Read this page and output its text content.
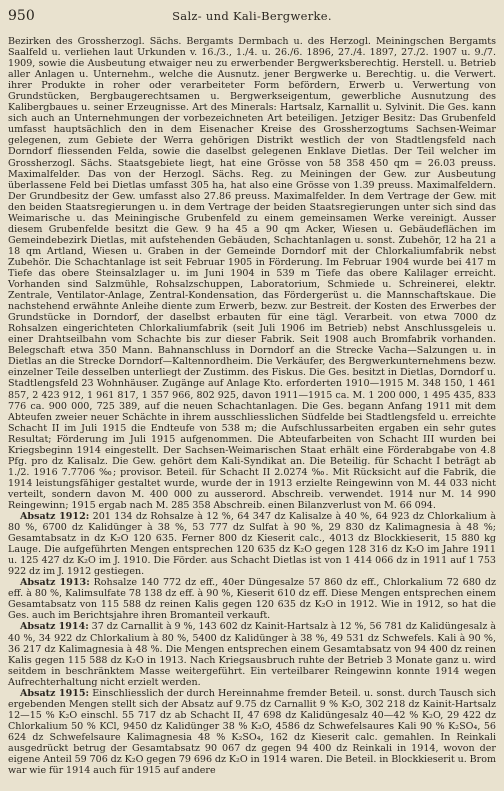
950	Salz- und Kali-Bergwerke.

Bezirken des Grossherzogl. Sächs. Bergamts Dermbach u. des Herzogl. Meiningschen Bergamts Saalfeld u. verliehen laut Urkunden v. 16./3., 1./4. u. 26./6. 1896, 27./4. 1897, 27./2. 1907 u. 9./7. 1909, sowie die Ausbeutung etwaiger neu zu erwerbender Bergwerksberechtig. Herstell. u. Betrieb aller Anlagen u. Unternehm., welche die Ausnutz. jener Bergwerke u. Berechtig. u. die Verwert. ihrer Produkte in roher oder verarbeiteter Form befördern, Erwerb u. Verwertung von Grundstücken, Bergbaugerechtsamen u. Bergwerkseigentum, gewerbliche Ausnutzung des Kalibergbaues u. seiner Erzeugnisse. Art des Minerals: Hartsalz, Karnallit u. Sylvinit. Die Ges. kann sich auch an Unternehmungen der vorbezeichneten Art beteiligen. Jetziger Besitz: Das Grubenfeld umfasst hauptsächlich den in dem Eisenacher Kreise des Grossherzogtums Sachsen-Weimar gelegenen, zum Gebiete der Werra gehörigen Distrikt westlich der von Stadtlengsfeld nach Dorndorf fliessenden Felda, sowie die daselbst gelegenen Enklave Dietlas. Der Teil welcher im Grossherzogl. Sächs. Staatsgebiete liegt, hat eine Grösse von 58 358 450 qm = 26.03 preuss. Maximalfelder. Das von der Herzogl. Sächs. Reg. zu Meiningen der Gew. zur Ausbeutung überlassene Feld bei Dietlas umfasst 305 ha, hat also eine Grösse von 1.39 preuss. Maximalfeldern. Der Grundbesitz der Gew. umfasst also 27.86 preuss. Maximalfelder. In dem Vertrage der Gew. mit den beiden Staatsregierungen u. in dem Vertrage der beiden Staatsregierungen unter sich sind das Weimarische u. das Meiningische Grubenfeld zu einem gemeinsamen Werke vereinigt. Ausser diesem Grubenfelde besitzt die Gew. 9 ha 45 a 90 qm Acker, Wiesen u. Gebäudeflächen im Gemeindebezirk Dietlas, mit aufstehenden Gebäuden, Schachtanlagen u. sonst. Zubehör, 12 ha 21 a 18 qm Artland, Wiesen u. Graben in der Gemeinde Dorndorf mit der Chlorkaliumfabrik nebst Zubehör. Die Schachtanlage ist seit Februar 1905 in Förderung. Im Februar 1904 wurde bei 417 m Tiefe das obere Steinsalzlager u. im Juni 1904 in 539 m Tiefe das obere Kalilager erreicht. Vorhanden sind Salzmühle, Rohsalzschuppen, Laboratorium, Schmiede u. Schreinerei, elektr. Zentrale, Ventilator-Anlage, Zentral-Kondensation, das Fördergerüst u. die Mannschaftskaue. Die nachstehend erwähnte Anleihe diente zum Erwerb, bezw. zur Bestreit. der Kosten des Erwerbes der Grundstücke in Dorndorf, der daselbst erbauten für eine tägl. Verarbeit. von etwa 7000 dz Rohsalzen eingerichteten Chlorkaliumfabrik (seit Juli 1906 im Betrieb) nebst Anschlussgeleis u. einer Drahtseilbahn vom Schachte bis zur dieser Fabrik. Seit 1908 auch Bromfabrik vorhanden. Belegschaft etwa 350 Mann. Bahnanschluss in Dorndorf an die Strecke Vacha—Salzungen u. in Dietlas an die Strecke Dorndorf—Kaltennordheim. Die Verkäufer, des Bergwerkunternehmens bezw. einzelner Teile desselben unterliegt der Zustimm. des Fiskus. Die Ges. besitzt in Dietlas, Dorndorf u. Stadtlengsfeld 23 Wohnhäuser. Zugänge auf Anlage Kto. erforderten 1910—1915 M. 348 150, 1 461 857, 2 423 912, 1 961 817, 1 357 966, 802 925, davon 1911—1915 ca. M. 1 200 000, 1 495 435, 833 776 ca. 900 000, 725 389, auf die neuen Schachtanlagen. Die Ges. begann Anfang 1911 mit dem Abteufen zweier neuer Schächte in ihrem ausschliesslichen Südfelde bei Stadtlengsfeld u. erreichte Schacht II im Juli 1915 die Endteufe von 538 m; die Aufschlussarbeiten ergaben ein sehr gutes Resultat; Förderung im Juli 1915 aufgenommen. Die Abteufarbeiten von Schacht III wurden bei Kriegsbeginn 1914 eingestellt. Der Sachsen-Weimarischen Staat erhält eine Förderabgabe von 4.8 Pfg. pro dz Kalisalz. Die Gew. gehört dem Kali-Syndikat an. Die Beteilig. für Schacht I beträgt ab 1./2. 1916 7.7706 ‰; provisor. Beteil. für Schacht II 2.0274 ‰. Mit Rücksicht auf die Fabrik, die 1914 leistungsfähiger gestaltet wurde, wurde der in 1913 erzielte Reingewinn von M. 44 033 nicht verteilt, sondern davon M. 400 000 zu ausserord. Abschreib. verwendet. 1914 nur M. 14 990 Reingewinn; 1915 ergab nach M. 285 358 Abschreib. einen Bilanzverlust von M. 66 094.

Absatz 1912: 201 134 dz Rohsalze à 12 %, 64 347 dz Kalisalze à 40 %, 64 923 dz Chlorkalium à 80 %, 6700 dz Kalidünger à 38 %, 53 777 dz Sulfat à 90 %, 29 830 dz Kalimagnesia à 48 %; Gesamtabsatz in dz K₂O 120 635. Ferner 800 dz Kieserit calc., 4013 dz Blockkieserit, 15 880 kg Lauge. Die aufgeführten Mengen entsprechen 120 635 dz K₂O gegen 128 316 dz K₂O im Jahre 1911 u. 125 427 dz K₂O im J. 1910. Die Förder. aus Schacht Dietlas ist von 1 414 066 dz in 1911 auf 1 753 922 dz im J. 1912 gestiegen.

Absatz 1913: Rohsalze 140 772 dz eff., 40er Düngesalze 57 860 dz eff., Chlorkalium 72 680 dz eff. à 80 %, Kalimsulfate 78 138 dz eff. à 90 %, Kieserit 610 dz eff. Diese Mengen entsprechen einem Gesamtabsatz von 115 588 dz reinen Kalis gegen 120 635 dz K₂O in 1912. Wie in 1912, so hat die Ges. auch im Berichtsjahre ihren Bromanteil verkauft.

Absatz 1914: 37 dz Carnallit à 9 %, 143 602 dz Kainit-Hartsalz à 12 %, 56 781 dz Kalidüngesalz à 40 %, 34 922 dz Chlorkalium à 80 %, 5400 dz Kalidünger à 38 %, 49 531 dz Schwefels. Kali à 90 %, 36 217 dz Kalimagnesia à 48 %. Die Mengen entsprechen einem Gesamtabsatz von 94 400 dz reinen Kalis gegen 115 588 dz K₂O in 1913. Nach Kriegsausbruch ruhte der Betrieb 3 Monate ganz u. wird seitdem in beschränktem Masse weitergeführt. Ein verteilbarer Reingewinn konnte 1914 wegen Aufrechterhaltung nicht erzielt werden.

Absatz 1915: Einschliesslich der durch Hereinnahme fremder Beteil. u. sonst. durch Tausch sich ergebenden Mengen stellt sich der Absatz auf 9.75 dz Carnallit 9 % K₂O, 302 218 dz Kainit-Hartsalz 12—15 % K₂O einschl. 55 717 dz ab Schacht II, 47 698 dz Kalidüngesalz 40—42 % K₂O, 29 422 dz Chlorkalium 50 % KCl, 9450 dz Kalidünger 38 % K₂O, 4586 dz Schwefelsaures Kali 90 % K₂SO₄, 56 624 dz Schwefelsaure Kalimagnesia 48 % K₂SO₄, 162 dz Kieserit calc. gemahlen. In Reinkali ausgedrückt betrug der Gesamtabsatz 90 067 dz gegen 94 400 dz Reinkali in 1914, wovon der eigene Anteil 59 706 dz K₂O gegen 79 696 dz K₂O in 1914 waren. Die Beteil. in Blockkieserit u. Brom war wie für 1914 auch für 1915 auf andere
